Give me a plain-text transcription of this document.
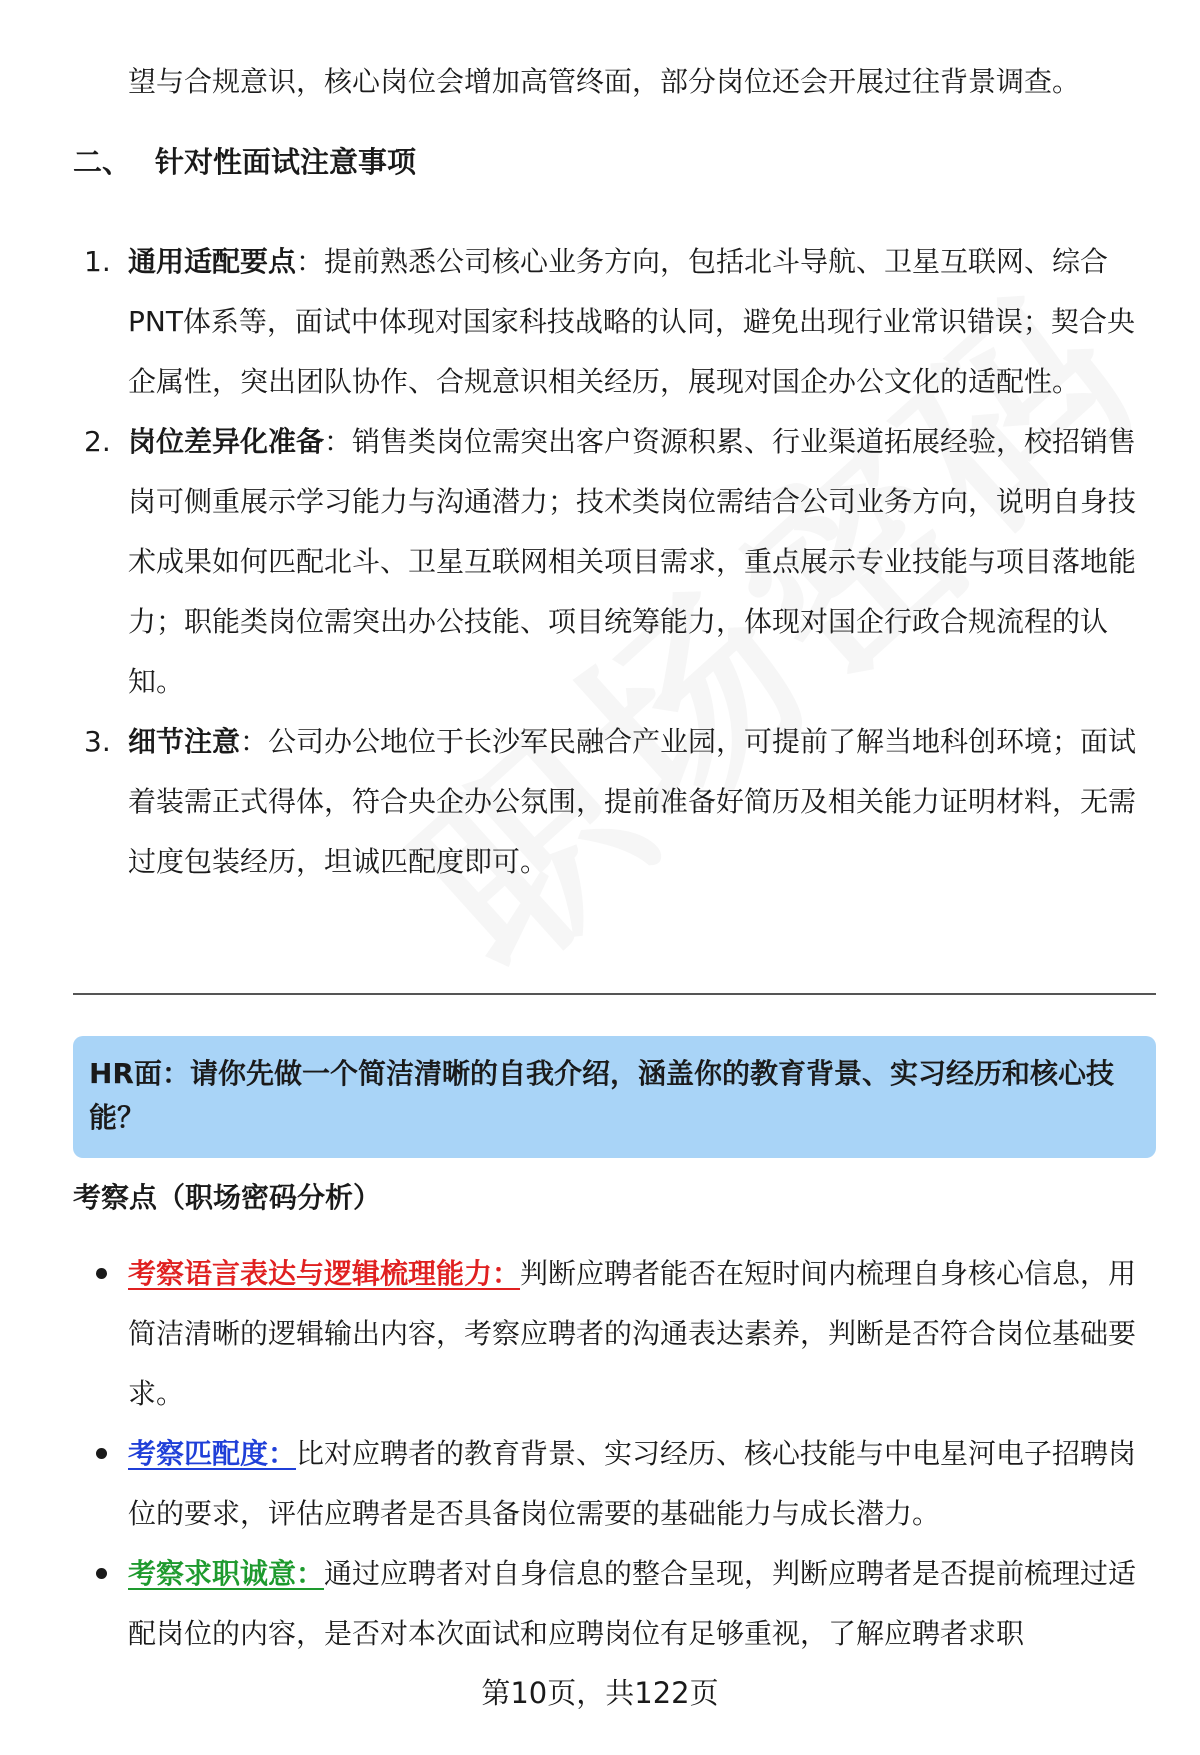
望与合规意识，核心岗位会增加高管终面，部分岗位还会开展过往背景调查。
二、 针对性面试注意事项
1. 通用适配要点：提前熟悉公司核心业务方向，包括北斗导航、卫星互联网、综合PNT体系等，面试中体现对国家科技战略的认同，避免出现行业常识错误；契合央企属性，突出团队协作、合规意识相关经历，展现对国企办公文化的适配性。
2. 岗位差异化准备：销售类岗位需突出客户资源积累、行业渠道拓展经验，校招销售岗可侧重展示学习能力与沟通潜力；技术类岗位需结合公司业务方向，说明自身技术成果如何匹配北斗、卫星互联网相关项目需求，重点展示专业技能与项目落地能力；职能类岗位需突出办公技能、项目统筹能力，体现对国企行政合规流程的认知。
3. 细节注意：公司办公地位于长沙军民融合产业园，可提前了解当地科创环境；面试着装需正式得体，符合央企办公氛围，提前准备好简历及相关能力证明材料，无需过度包装经历，坦诚匹配度即可。
HR面：请你先做一个简洁清晰的自我介绍，涵盖你的教育背景、实习经历和核心技能？
考察点（职场密码分析）
考察语言表达与逻辑梳理能力：判断应聘者能否在短时间内梳理自身核心信息，用简洁清晰的逻辑输出内容，考察应聘者的沟通表达素养，判断是否符合岗位基础要求。
考察匹配度：比对应聘者的教育背景、实习经历、核心技能与中电星河电子招聘岗位的要求，评估应聘者是否具备岗位需要的基础能力与成长潜力。
考察求职诚意：通过应聘者对自身信息的整合呈现，判断应聘者是否提前梳理过适配岗位的内容，是否对本次面试和应聘岗位有足够重视，了解应聘者求职
第10页，共122页
